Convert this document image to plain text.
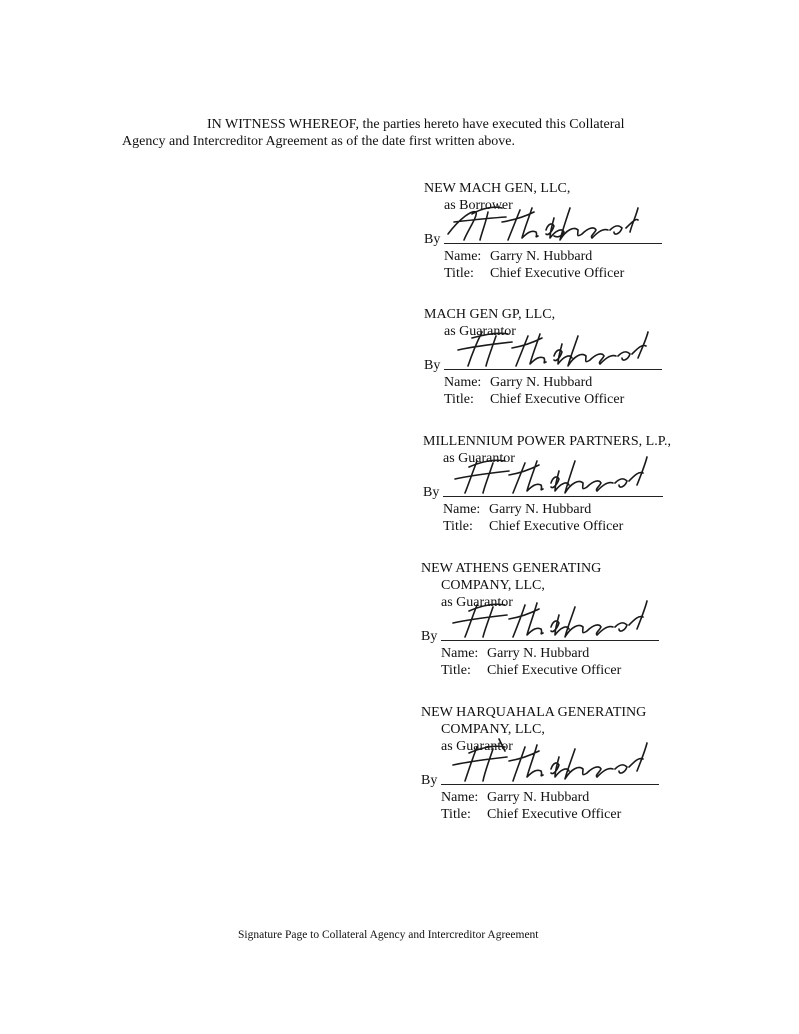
IN WITNESS WHEREOF, the parties hereto have executed this Collateral
Agency and Intercreditor Agreement as of the date first written above.
NEW MACH GEN, LLC,
as Borrower
By
Name: Garry N. Hubbard
Title: Chief Executive Officer
MACH GEN GP, LLC,
as Guarantor
By
Name: Garry N. Hubbard
Title: Chief Executive Officer
MILLENNIUM POWER PARTNERS, L.P.,
as Guarantor
By
Name: Garry N. Hubbard
Title: Chief Executive Officer
NEW ATHENS GENERATING
COMPANY, LLC,
as Guarantor
By
Name: Garry N. Hubbard
Title: Chief Executive Officer
NEW HARQUAHALA GENERATING
COMPANY, LLC,
as Guarantor
By
Name: Garry N. Hubbard
Title: Chief Executive Officer
Signature Page to Collateral Agency and Intercreditor Agreement
